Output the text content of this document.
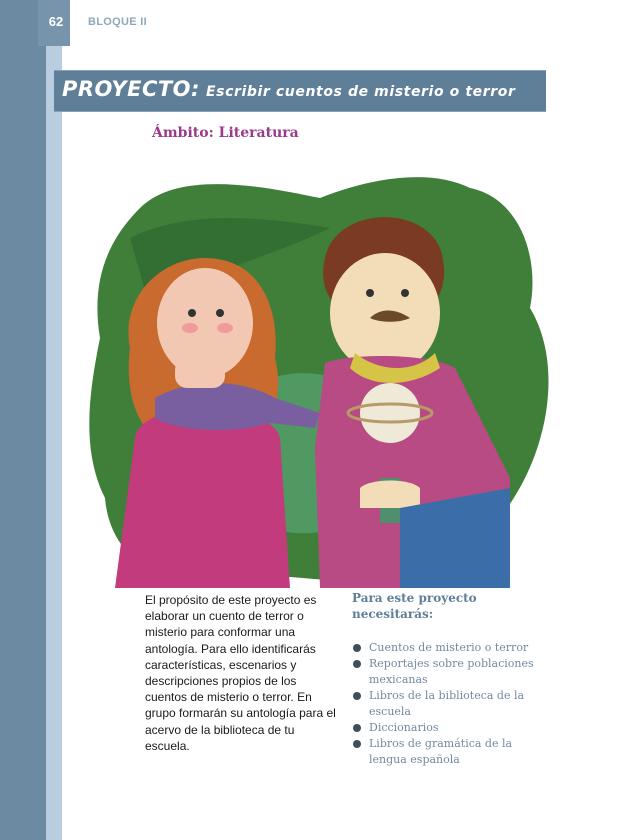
62	BLOQUE II
PROYECTO: Escribir cuentos de misterio o terror
Ámbito: Literatura
El propósito de este proyecto es elaborar un cuento de terror o misterio para conformar una antología. Para ello identificarás características, escenarios y descripciones propios de los cuentos de misterio o terror. En grupo formarán su antología para el acervo de la biblioteca de tu escuela.
Para este proyecto necesitarás:
Cuentos de misterio o terror
Reportajes sobre poblaciones mexicanas
Libros de la biblioteca de la escuela
Diccionarios
Libros de gramática de la lengua española
